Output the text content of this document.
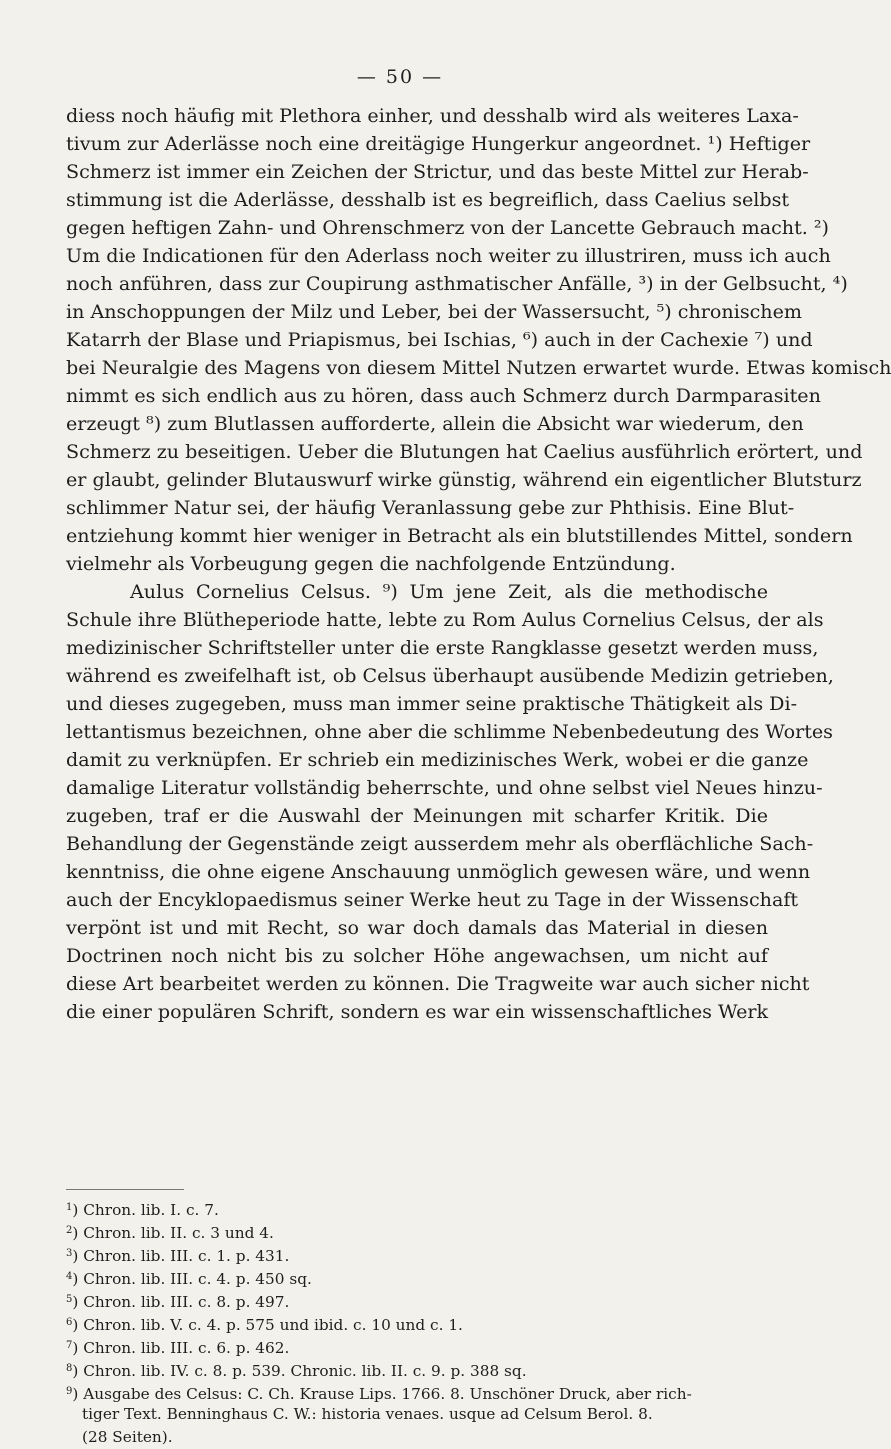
— 50 —
diess noch häufig mit Plethora einher, und desshalb wird als weiteres Laxa-
tivum zur Aderlässe noch eine dreitägige Hungerkur angeordnet. ¹) Heftiger
Schmerz ist immer ein Zeichen der Strictur, und das beste Mittel zur Herab-
stimmung ist die Aderlässe, desshalb ist es begreiflich, dass Caelius selbst
gegen heftigen Zahn- und Ohrenschmerz von der Lancette Gebrauch macht. ²)
Um die Indicationen für den Aderlass noch weiter zu illustriren, muss ich auch
noch anführen, dass zur Coupirung asthmatischer Anfälle, ³) in der Gelbsucht, ⁴)
in Anschoppungen der Milz und Leber, bei der Wassersucht, ⁵) chronischem
Katarrh der Blase und Priapismus, bei Ischias, ⁶) auch in der Cachexie ⁷) und
bei Neuralgie des Magens von diesem Mittel Nutzen erwartet wurde. Etwas komisch
nimmt es sich endlich aus zu hören, dass auch Schmerz durch Darmparasiten
erzeugt ⁸) zum Blutlassen aufforderte, allein die Absicht war wiederum, den
Schmerz zu beseitigen. Ueber die Blutungen hat Caelius ausführlich erörtert, und
er glaubt, gelinder Blutauswurf wirke günstig, während ein eigentlicher Blutsturz
schlimmer Natur sei, der häufig Veranlassung gebe zur Phthisis. Eine Blut-
entziehung kommt hier weniger in Betracht als ein blutstillendes Mittel, sondern
vielmehr als Vorbeugung gegen die nachfolgende Entzündung.
Aulus Cornelius Celsus. ⁹) Um jene Zeit, als die methodische
Schule ihre Blütheperiode hatte, lebte zu Rom Aulus Cornelius Celsus, der als
medizinischer Schriftsteller unter die erste Rangklasse gesetzt werden muss,
während es zweifelhaft ist, ob Celsus überhaupt ausübende Medizin getrieben,
und dieses zugegeben, muss man immer seine praktische Thätigkeit als Di-
lettantismus bezeichnen, ohne aber die schlimme Nebenbedeutung des Wortes
damit zu verknüpfen. Er schrieb ein medizinisches Werk, wobei er die ganze
damalige Literatur vollständig beherrschte, und ohne selbst viel Neues hinzu-
zugeben, traf er die Auswahl der Meinungen mit scharfer Kritik. Die
Behandlung der Gegenstände zeigt ausserdem mehr als oberflächliche Sach-
kenntniss, die ohne eigene Anschauung unmöglich gewesen wäre, und wenn
auch der Encyklopaedismus seiner Werke heut zu Tage in der Wissenschaft
verpönt ist und mit Recht, so war doch damals das Material in diesen
Doctrinen noch nicht bis zu solcher Höhe angewachsen, um nicht auf
diese Art bearbeitet werden zu können. Die Tragweite war auch sicher nicht
die einer populären Schrift, sondern es war ein wissenschaftliches Werk
$^1$) Chron. lib. I. c. 7.
$^2$) Chron. lib. II. c. 3 und 4.
$^3$) Chron. lib. III. c. 1. p. 431.
$^4$) Chron. lib. III. c. 4. p. 450 sq.
$^5$) Chron. lib. III. c. 8. p. 497.
$^6$) Chron. lib. V. c. 4. p. 575 und ibid. c. 10 und c. 1.
$^7$) Chron. lib. III. c. 6. p. 462.
$^8$) Chron. lib. IV. c. 8. p. 539. Chronic. lib. II. c. 9. p. 388 sq.
$^9$) Ausgabe des Celsus: C. Ch. Krause Lips. 1766. 8. Unschöner Druck, aber rich-
tiger Text. Benninghaus C. W.: historia venaes. usque ad Celsum Berol. 8.
(28 Seiten).
